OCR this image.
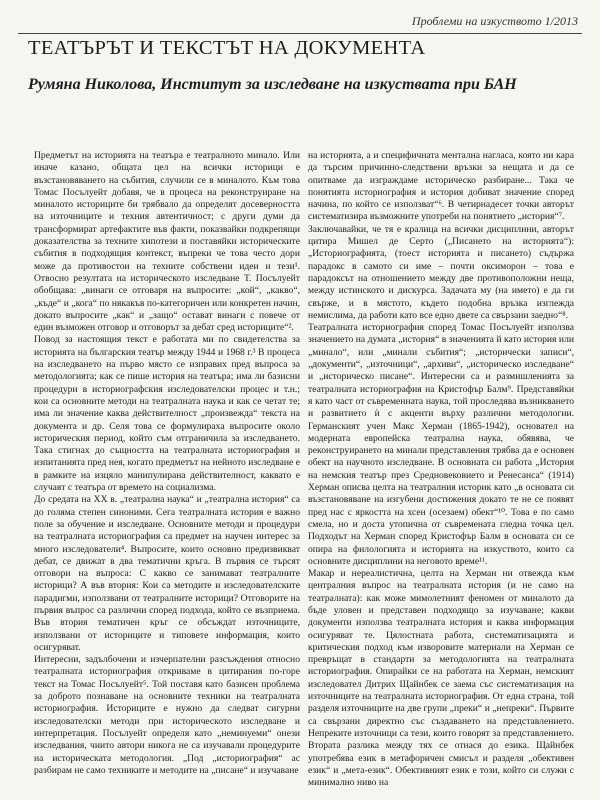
Проблеми на изкуството 1/2013
ТЕАТЪРЪТ И ТЕКСТЪТ НА ДОКУМЕНТА
Румяна Николова, Институт за изследване на изкуствата при БАН

Предметът на историята на театъра е театралното минало. Или иначе казано, общата цел на всички историци е възстановяването на събития, случили се в миналото. Към това Томас Посълуейт добавя, че в процеса на реконструиране на миналото историците би трябвало да определят досеверността на източниците и техния автентичност; с други думи да трансформират артефактите във факти, показвайки подкрепящи доказателства за техните хипотези и поставяйки историческите събития в подходящия контекст, въпреки че това често дори може да противостои на техните собствени идеи и тези¹. Отвосно резултата на историческото изследване Т. Посълуейт обобщава: „винаги се отговаря на въпросите: „кой“, „какво“, „къде“ и „кога“ по някакъв по-категоричен или конкретен начин, докато въпросите „как“ и „защо“ остават винаги с повече от един възможен отговор и отговорът за дебат сред историците“².

Повод за настоящия текст е работата ми по свидетелства за историята на българския театър между 1944 и 1968 г.³ В процеса на изследването на първо място се изправих пред въпроса за методологията; как се пише история на театъра; има ли базисни процедури в историографския изследователски процес и т.н.; кои са основните методи на театралната наука и как се четат те; има ли значение каква действителност „произвежда“ текста на документа и др. Селя това се формулираха въпросите около историческия период, който съм отграничила за изследването. Така стигнах до същността на театралната историография и изпитанията пред нея, когато предметът на нейното изследване е в рамките на изцяло манипулирана действителност, каквато е случаят с театъра от времето на социализма.

До средата на XX в. „театрална наука“ и „театрална история“ са до голяма степен синоними. Сега театралната история е важно поле за обучение и изследване. Основните методи и процедури на театралната историография са предмет на научен интерес за много изследователи⁴. Въпросите, които основно предизвикват дебат, се движат в два тематични кръга. В първия се търсят отговори на въпроса: С какво се занимават театралните историци? А във втория: Кои са методите и изследователските парадигми, използвани от театралните историци? Отговорите на първия въпрос са различни според подхода, който се възприема. Във втория тематичен кръг се обсъждат източниците, използвани от историците и типовете информация, които осигуряват.

Интересни, задълбочени и изчерпателни разсъждения относно театралната историография откриваме в цитирания по-горе текст на Томас Посълуейт⁵. Той поставя като базисен проблема за доброто познаване на основните техники на театралната историография. Историците е нужно да следват сигурни изследователски методи при историческото изследване и интерпретация. Посълуейт определя като „неминуеми“ онези изследвания, чиито автори никога не са изучавали процедурите на историческата методология. „Под „историография“ ас разбирам не само техниките и методите на „писане“ и изучаване

на историята, а и специфичната ментална нагласа, която ни кара да търсим причинно-следствени връзки за нещата и да се опитваме да изграждаме историческо разбиране... Така че понятията историография и история добиват значение според начина, по който се използват“⁶. В четирнадесет точки авторът систематизира възможните употреби на понятието „история“⁷.

Заключавайки, че тя е кралица на всички дисциплини, авторът цитира Мишел де Серто („Писането на историята“): „Историографията, (тоест историята и писането) съдържа парадокс в самото си име – почти оксиморон – това е парадоксът на отношението между две противоположни неща, между истинското и дискурса. Задачата му (на името) е да ги свърже, и в мястото, където подобна връзка изглежда немислима, да работи като все едно двете са свързани заедно“⁸.

Театралната историография според Томас Посълуейт използва значението на думата „история“ в значенията й като история или „минало“, или „минали събития“; „исторически записи“, „документи“, „източници“, „архиви“, „историческо изследване“ и „историческо писане“. Интересни са и размишленията за театралната историография на Кристофър Балм⁹. Представяйки я като част от съвременната наука, той проследява възникването и развитието ѝ с акценти върху различни методологии. Германският учен Макс Херман (1865-1942), основател на модерната европейска театрална наука, обявява, че реконструирането на минали представления трябва да е основен обект на научното изследване. В основната си работа „История на немския театър през Средновековието и Ренесанса“ (1914) Херман описва целта на театралния историк като „в основата си възстановяване на изгубени достижения докато те не се появят пред нас с яркостта на хсен (осезаем) обект“¹⁰. Това е по само смела, но и доста утопична от съвремената гледна точка цел. Подходът на Херман според Кристофър Балм в основата си се опира на филологията и историята на изкуството, които са основните дисциплини на неговото време¹¹.

Макар и нереалистична, целта на Херман ни отвежда към централния въпрос на театралната история (и не само на театралната): как може мимолетният феномен от миналото да бъде уловен и представен подходящо за изучаване; какви документи използва театралната история и каква информация осигуряват те. Цялостната работа, систематизацията и критическия подход към изворовите материали на Херман се превръщат в стандарти за методологията на театралната историография. Опирайки се на работата на Херман, немският изследовател Дитрих Щайнбек се заема със систематизация на източниците на театралната историография. От една страна, той разделя източниците на две групи „преки“ и „непреки“. Първите са свързани директно със създаването на представлението. Непреките източници са тези, които говорят за представлението. Втората разлика между тях се отнася до езика. Щайнбек употребява език в метафоричен смисъл и разделя „обективен език“ и „мета-език“. Обективният език е този, който си служи с минимално ниво на
